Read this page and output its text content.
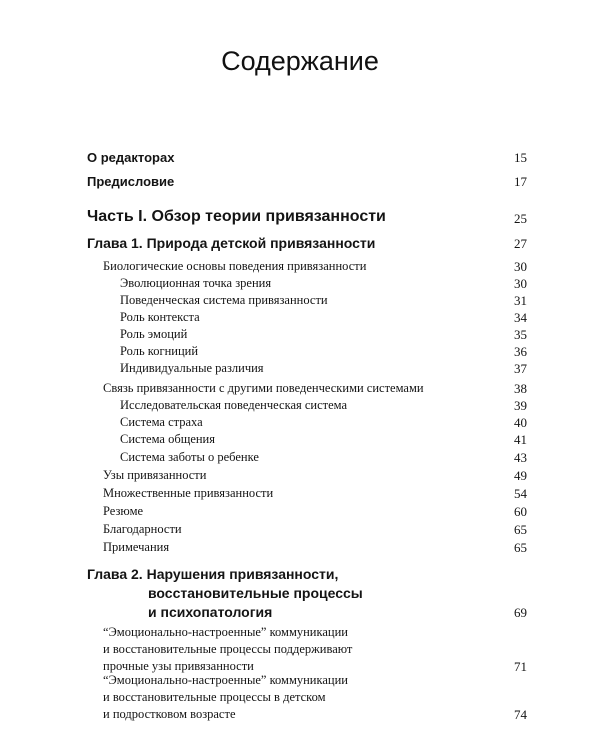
Содержание
О редакторах	15
Предисловие	17
Часть I. Обзор теории привязанности	25
Глава 1. Природа детской привязанности	27
Биологические основы поведения привязанности	30
Эволюционная точка зрения	30
Поведенческая система привязанности	31
Роль контекста	34
Роль эмоций	35
Роль когниций	36
Индивидуальные различия	37
Связь привязанности с другими поведенческими системами	38
Исследовательская поведенческая система	39
Система страха	40
Система общения	41
Система заботы о ребенке	43
Узы привязанности	49
Множественные привязанности	54
Резюме	60
Благодарности	65
Примечания	65
Глава 2. Нарушения привязанности,
восстановительные процессы
и психопатология	69
“Эмоционально-настроенные” коммуникации
и восстановительные процессы поддерживают
прочные узы привязанности	71
“Эмоционально-настроенные” коммуникации
и восстановительные процессы в детском
и подростковом возрасте	74
